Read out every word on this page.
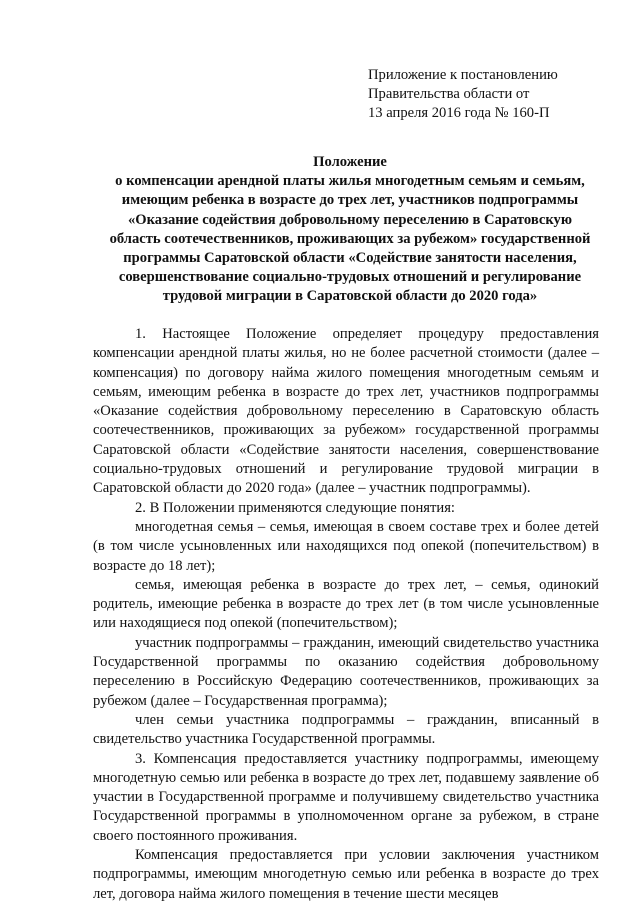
Приложение к постановлению
Правительства области от
13 апреля 2016 года № 160-П
Положение
о компенсации арендной платы жилья многодетным семьям и семьям,
имеющим ребенка в возрасте до трех лет, участников подпрограммы
«Оказание содействия добровольному переселению в Саратовскую
область соотечественников, проживающих за рубежом» государственной
программы Саратовской области «Содействие занятости населения,
совершенствование социально-трудовых отношений и регулирование
трудовой миграции в Саратовской области до 2020 года»

1. Настоящее Положение определяет процедуру предоставления компенсации арендной платы жилья, но не более расчетной стоимости (далее – компенсация) по договору найма жилого помещения многодетным семьям и семьям, имеющим ребенка в возрасте до трех лет, участников подпрограммы «Оказание содействия добровольному переселению в Саратовскую область соотечественников, проживающих за рубежом» государственной программы Саратовской области «Содействие занятости населения, совершенствование социально-трудовых отношений и регулирование трудовой миграции в Саратовской области до 2020 года» (далее – участник подпрограммы).

2. В Положении применяются следующие понятия:

многодетная семья – семья, имеющая в своем составе трех и более детей (в том числе усыновленных или находящихся под опекой (попечительством) в возрасте до 18 лет);

семья, имеющая ребенка в возрасте до трех лет, – семья, одинокий родитель, имеющие ребенка в возрасте до трех лет (в том числе усыновленные или находящиеся под опекой (попечительством);

участник подпрограммы – гражданин, имеющий свидетельство участника Государственной программы по оказанию содействия добровольному переселению в Российскую Федерацию соотечественников, проживающих за рубежом (далее – Государственная программа);

член семьи участника подпрограммы – гражданин, вписанный в свидетельство участника Государственной программы.

3. Компенсация предоставляется участнику подпрограммы, имеющему многодетную семью или ребенка в возрасте до трех лет, подавшему заявление об участии в Государственной программе и получившему свидетельство участника Государственной программы в уполномоченном органе за рубежом, в стране своего постоянного проживания.

Компенсация предоставляется при условии заключения участником подпрограммы, имеющим многодетную семью или ребенка в возрасте до трех лет, договора найма жилого помещения в течение шести месяцев
